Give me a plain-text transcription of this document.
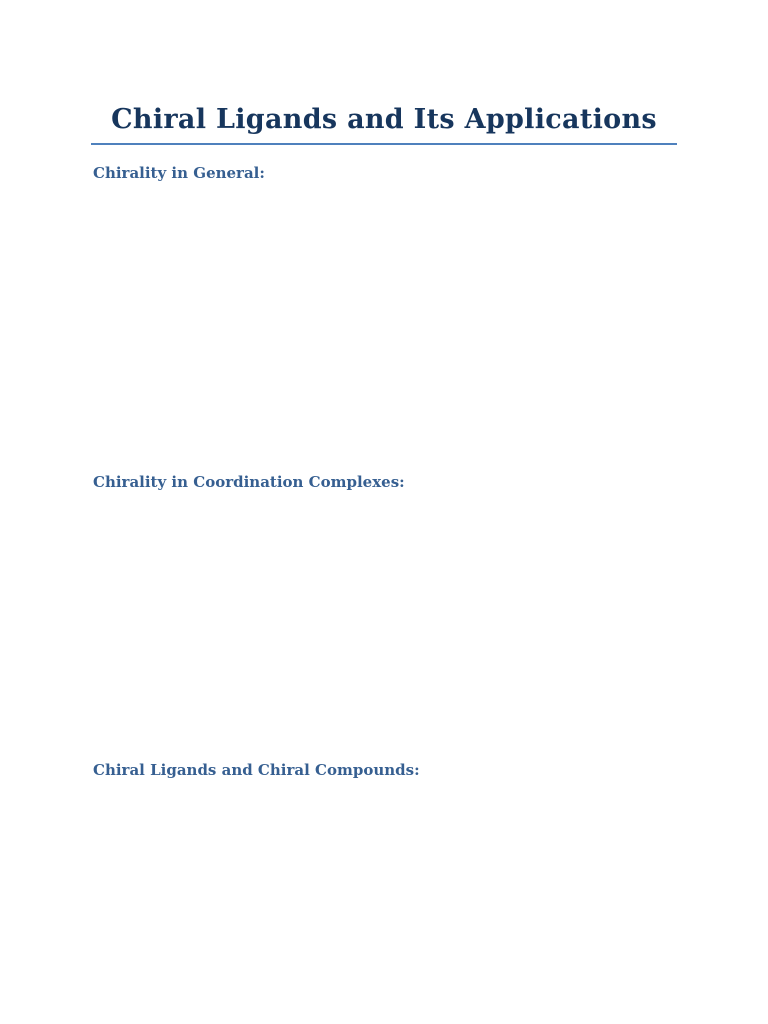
Chiral Ligands and Its Applications
Chirality in General:
Chirality in Coordination Complexes:
Chiral Ligands and Chiral Compounds:
